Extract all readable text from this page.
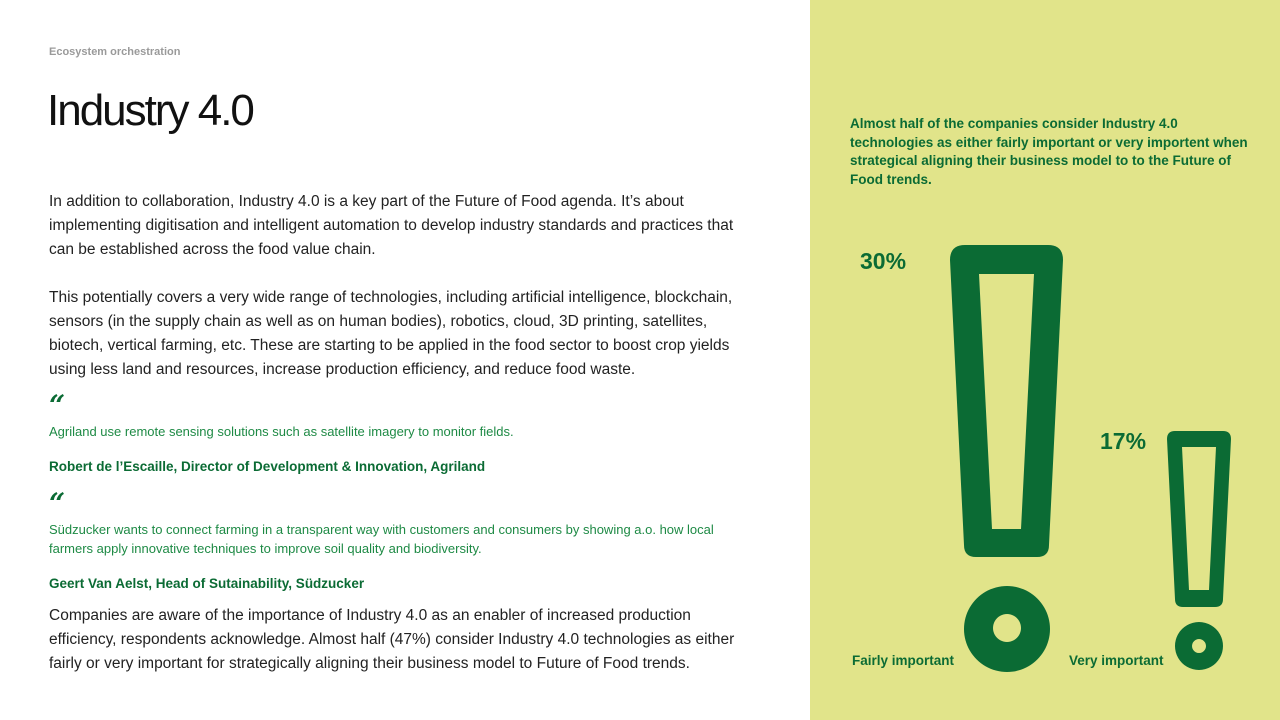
Ecosystem orchestration
Industry 4.0

In addition to collaboration, Industry 4.0 is a key part of the Future of Food agenda. It’s about implementing digitisation and intelligent automation to develop industry standards and practices that can be established across the food value chain.

This potentially covers a very wide range of technologies, including artificial intelligence, blockchain, sensors (in the supply chain as well as on human bodies), robotics, cloud, 3D printing, satellites, biotech, vertical farming, etc. These are starting to be applied in the food sector to boost crop yields using less land and resources, increase production efficiency, and reduce food waste.

“

Agriland use remote sensing solutions such as satellite imagery to monitor fields.

Robert de l’Escaille, Director of Development & Innovation, Agriland

“

Südzucker wants to connect farming in a transparent way with customers and consumers by showing a.o. how local farmers apply innovative techniques to improve soil quality and biodiversity.

Geert Van Aelst, Head of Sutainability, Südzucker

Companies are aware of the importance of Industry 4.0 as an enabler of increased production efficiency, respondents acknowledge. Almost half (47%) consider Industry 4.0 technologies as either fairly or very important for strategically aligning their business model to Future of Food trends.

Almost half of the companies consider Industry 4.0 technologies as either fairly important or very importent when strategical aligning their business model to to the Future of Food trends.

30%
17%
Fairly important	Very important
